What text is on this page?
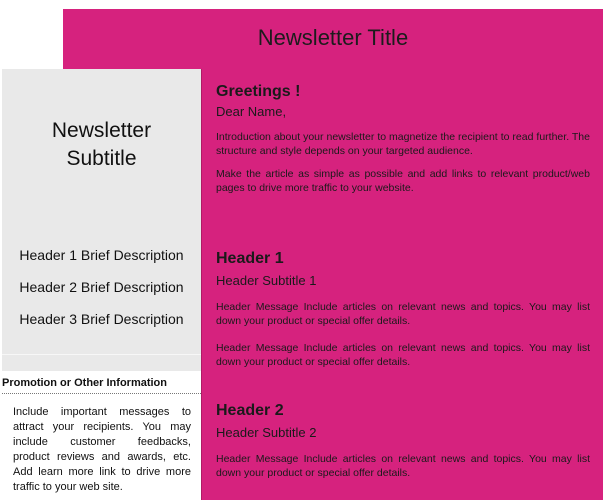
Newsletter Title
Newsletter
Subtitle
Header 1 Brief Description
Header 2 Brief Description
Header 3 Brief Description
Promotion or Other Information
Include important messages to attract your recipients. You may include customer feedbacks, product reviews and awards, etc. Add learn more link to drive more traffic to your web site.
Greetings !
Dear Name,
Introduction about your newsletter to magnetize the recipient to read further. The structure and style depends on your targeted audience.
Make the article as simple as possible and add links to relevant product/web pages to drive more traffic to your website.
Header 1
Header Subtitle 1
Header Message Include articles on relevant news and topics. You may list down your product or special offer details.
Header Message Include articles on relevant news and topics. You may list down your product or special offer details.
Header 2
Header Subtitle 2
Header Message Include articles on relevant news and topics. You may list down your product or special offer details.
